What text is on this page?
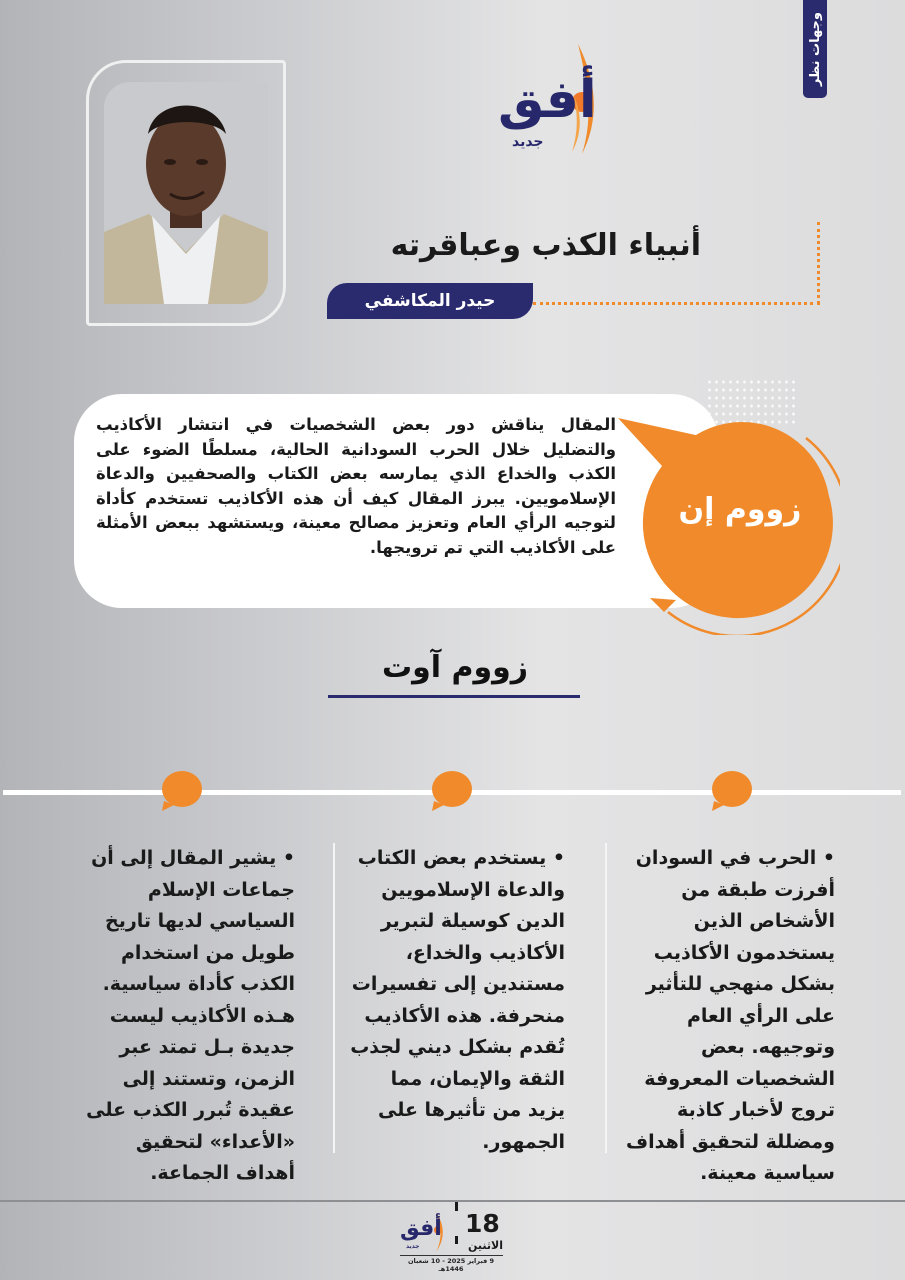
وجهات نظر
أفق
جديد
أنبياء الكذب وعباقرته
حيدر المكاشفي
المقال يناقش دور بعض الشخصيات في انتشار الأكاذيب والتضليل خلال الحرب السودانية الحالية، مسلطًا الضوء على الكذب والخداع الذي يمارسه بعض الكتاب والصحفيين والدعاة الإسلامويين. يبرز المقال كيف أن هذه الأكاذيب تستخدم كأداة لتوجيه الرأي العام وتعزيز مصالح معينة، ويستشهد ببعض الأمثلة على الأكاذيب التي تم ترويجها.
زووم إن
زووم آوت
• الحرب في السودان أفرزت طبقة من الأشخاص الذين يستخدمون الأكاذيب بشكل منهجي للتأثير على الرأي العام وتوجيهه. بعض الشخصيات المعروفة تروج لأخبار كاذبة ومضللة لتحقيق أهداف سياسية معينة.
• يستخدم بعض الكتاب والدعاة الإسلامويين الدين كوسيلة لتبرير الأكاذيب والخداع، مستندين إلى تفسيرات منحرفة. هذه الأكاذيب تُقدم بشكل ديني لجذب الثقة والإيمان، مما يزيد من تأثيرها على الجمهور.
• يشير المقال إلى أن جماعات الإسلام السياسي لديها تاريخ طويل من استخدام الكذب كأداة سياسية. هـذه الأكاذيب ليست جديدة بـل تمتد عبر الزمن، وتستند إلى عقيدة تُبرر الكذب على «الأعداء» لتحقيق أهداف الجماعة.
أفق
جديد
18
الاثنين
9 فبراير 2025 - 10 شعبان 1446هـ
